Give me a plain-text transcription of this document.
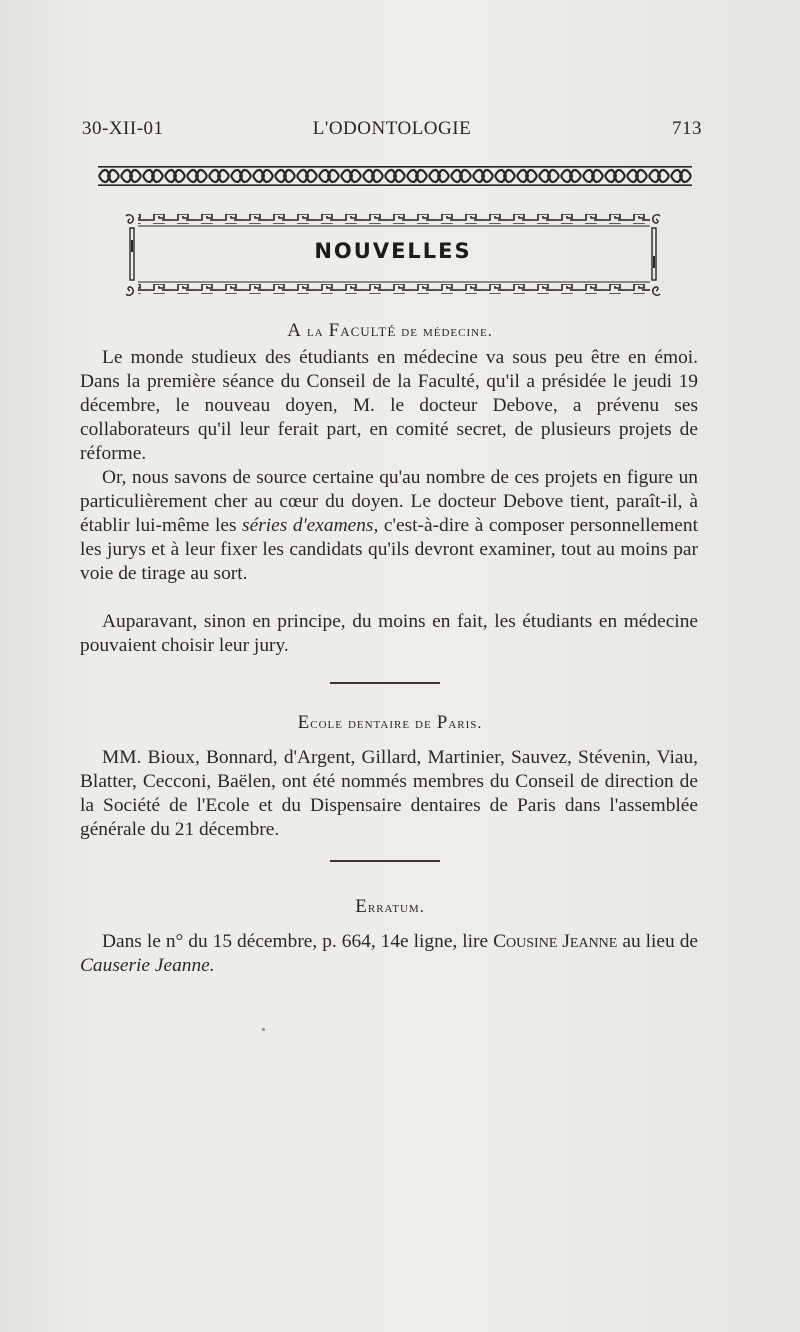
30-XII-01	L'ODONTOLOGIE	713
NOUVELLES
A la Faculté de médecine.

Le monde studieux des étudiants en médecine va sous peu être en émoi. Dans la première séance du Conseil de la Faculté, qu'il a présidée le jeudi 19 décembre, le nouveau doyen, M. le docteur Debove, a prévenu ses collaborateurs qu'il leur ferait part, en comité secret, de plusieurs projets de réforme.

Or, nous savons de source certaine qu'au nombre de ces projets en figure un particulièrement cher au cœur du doyen. Le docteur Debove tient, paraît-il, à établir lui-même les séries d'examens, c'est-à-dire à composer personnellement les jurys et à leur fixer les candidats qu'ils devront examiner, tout au moins par voie de tirage au sort.

Auparavant, sinon en principe, du moins en fait, les étudiants en médecine pouvaient choisir leur jury.

Ecole dentaire de Paris.

MM. Bioux, Bonnard, d'Argent, Gillard, Martinier, Sauvez, Stévenin, Viau, Blatter, Cecconi, Baëlen, ont été nommés membres du Conseil de direction de la Société de l'Ecole et du Dispensaire dentaires de Paris dans l'assemblée générale du 21 décembre.

Erratum.

Dans le n° du 15 décembre, p. 664, 14e ligne, lire Cousine Jeanne au lieu de Causerie Jeanne.
